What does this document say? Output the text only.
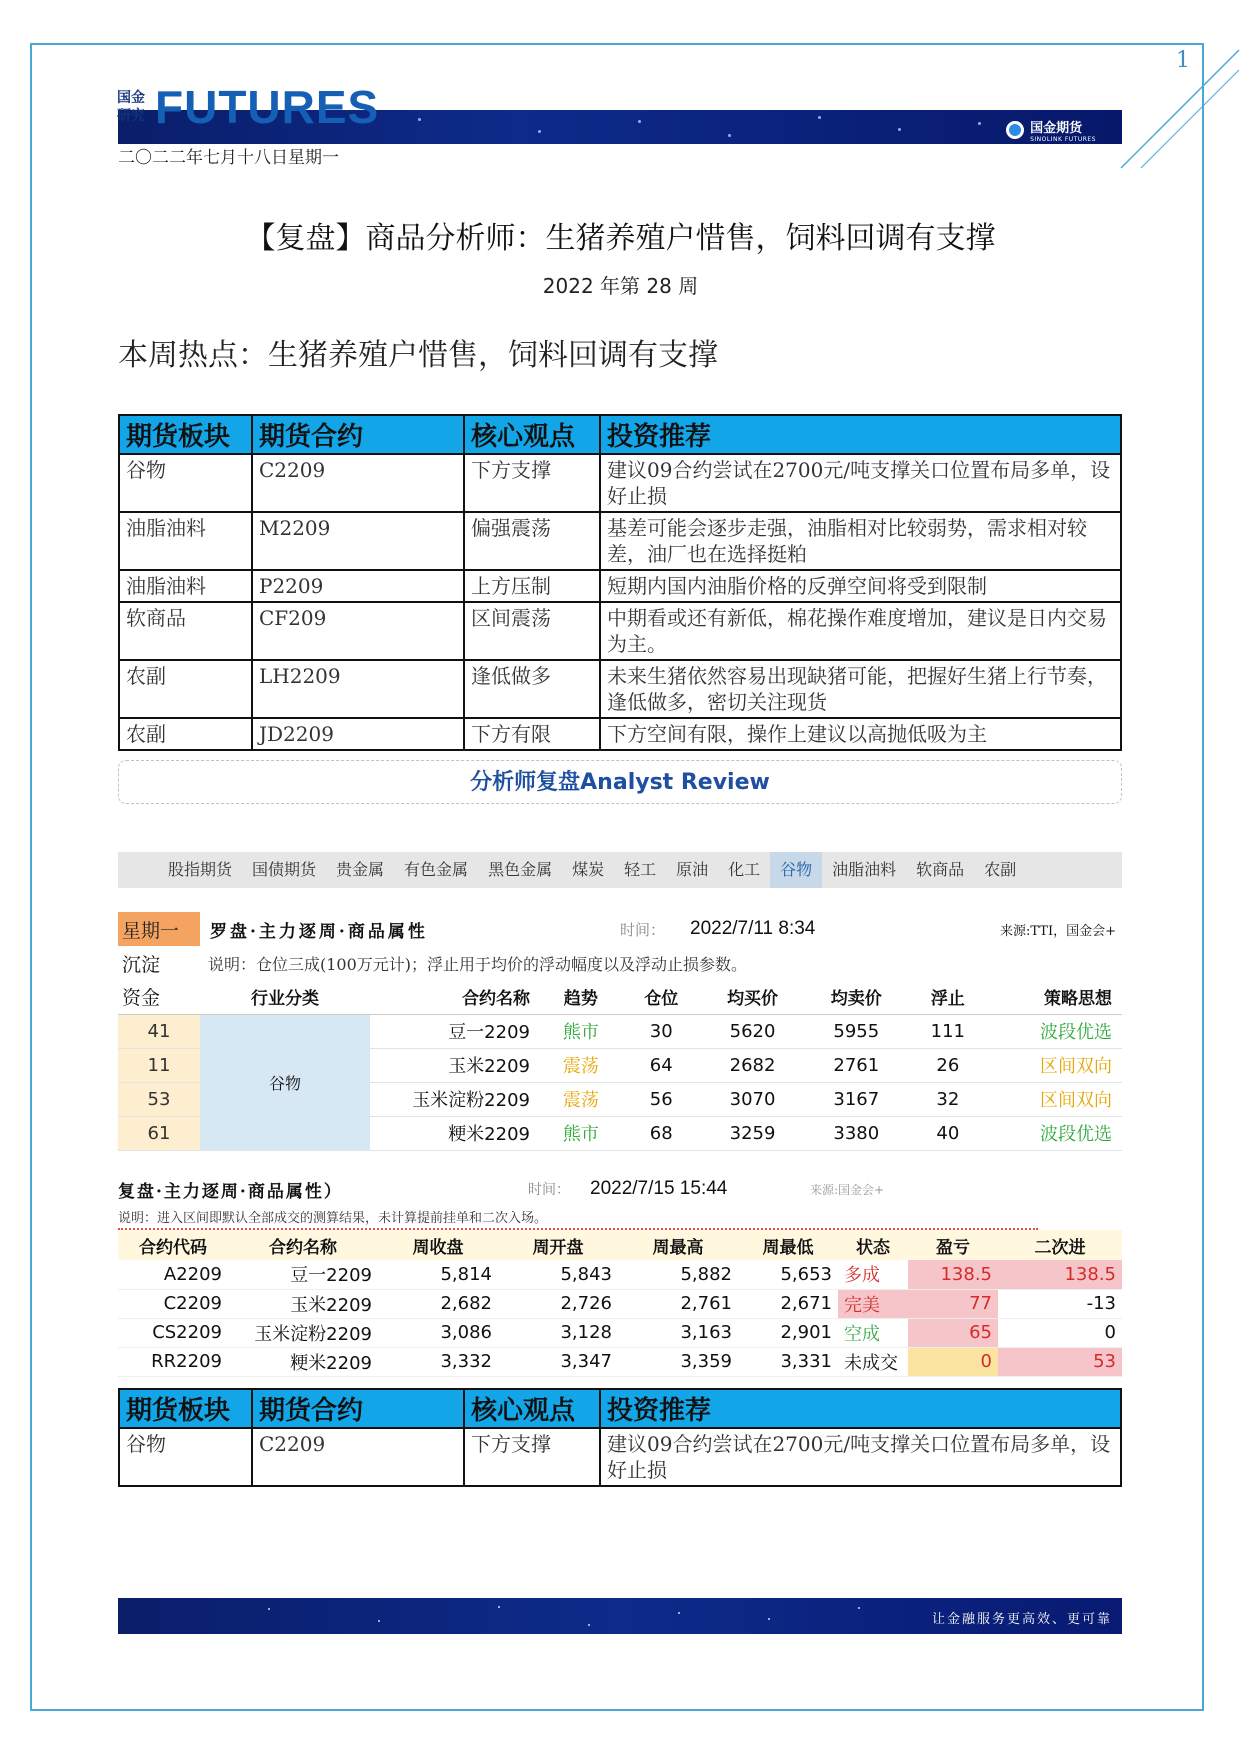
1
国金期货
SINOLINK FUTURES
国金
研究 FUTURES
二〇二二年七月十八日星期一
【复盘】商品分析师：生猪养殖户惜售，饲料回调有支撑
2022 年第 28 周
本周热点：生猪养殖户惜售，饲料回调有支撑
期货板块	期货合约	核心观点	投资推荐
谷物	C2209	下方支撑	建议09合约尝试在2700元/吨支撑关口位置布局多单，设好止损
油脂油料	M2209	偏强震荡	基差可能会逐步走强，油脂相对比较弱势，需求相对较差，油厂也在选择挺粕
油脂油料	P2209	上方压制	短期内国内油脂价格的反弹空间将受到限制
软商品	CF209	区间震荡	中期看或还有新低，棉花操作难度增加，建议是日内交易为主。
农副	LH2209	逢低做多	未来生猪依然容易出现缺猪可能，把握好生猪上行节奏，逢低做多，密切关注现货
农副	JD2209	下方有限	下方空间有限，操作上建议以高抛低吸为主
分析师复盘Analyst Review
股指期货	国债期货	贵金属	有色金属	黑色金属	煤炭	轻工	原油	化工	谷物	油脂油料	软商品	农副
星期一	罗盘·主力逐周·商品属性	时间：	2022/7/11 8:34	来源:TTI，国金会+
沉淀	说明：仓位三成(100万元计)；浮止用于均价的浮动幅度以及浮动止损参数。
资金	行业分类	合约名称	趋势	仓位	均买价	均卖价	浮止	策略思想
41	谷物	豆一2209	熊市	30	5620	5955	111	波段优选
11		玉米2209	震荡	64	2682	2761	26	区间双向
53		玉米淀粉2209	震荡	56	3070	3167	32	区间双向
61		粳米2209	熊市	68	3259	3380	40	波段优选
复盘·主力逐周·商品属性）	时间：	2022/7/15 15:44	来源:国金会+
说明：进入区间即默认全部成交的测算结果，未计算提前挂单和二次入场。
合约代码	合约名称	周收盘	周开盘	周最高	周最低	状态	盈亏	二次进
A2209	豆一2209	5,814	5,843	5,882	5,653	多成	138.5	138.5
C2209	玉米2209	2,682	2,726	2,761	2,671	完美	77	-13
CS2209	玉米淀粉2209	3,086	3,128	3,163	2,901	空成	65	0
RR2209	粳米2209	3,332	3,347	3,359	3,331	未成交	0	53
期货板块	期货合约	核心观点	投资推荐
谷物	C2209	下方支撑	建议09合约尝试在2700元/吨支撑关口位置布局多单，设好止损
让金融服务更高效、更可靠
